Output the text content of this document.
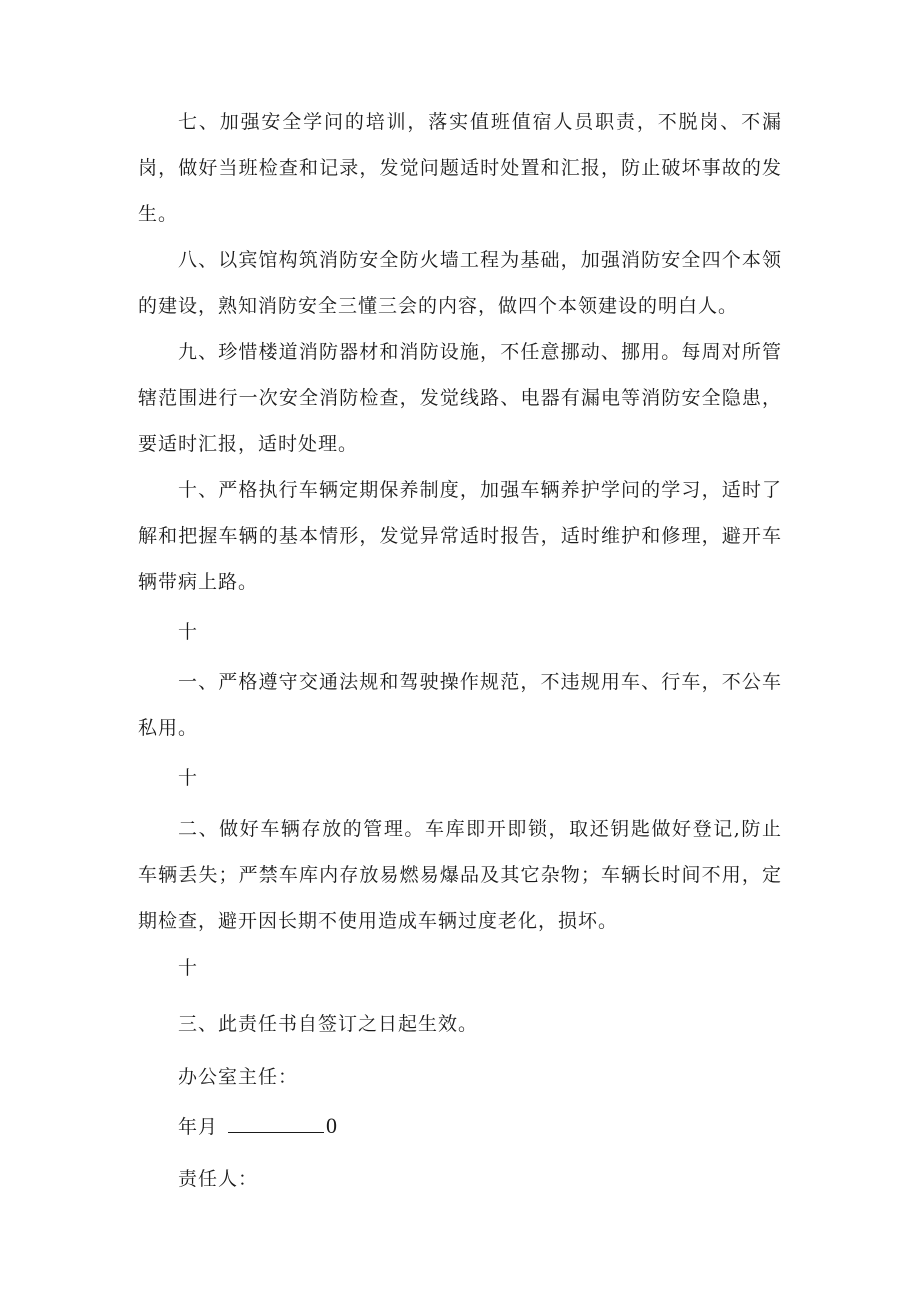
七、加强安全学问的培训，落实值班值宿人员职责，不脱岗、不漏岗，做好当班检查和记录，发觉问题适时处置和汇报，防止破坏事故的发生。

八、以宾馆构筑消防安全防火墙工程为基础，加强消防安全四个本领的建设，熟知消防安全三懂三会的内容，做四个本领建设的明白人。

九、珍惜楼道消防器材和消防设施，不任意挪动、挪用。每周对所管辖范围进行一次安全消防检查，发觉线路、电器有漏电等消防安全隐患，要适时汇报，适时处理。

十、严格执行车辆定期保养制度，加强车辆养护学问的学习，适时了解和把握车辆的基本情形，发觉异常适时报告，适时维护和修理，避开车辆带病上路。

十

一、严格遵守交通法规和驾驶操作规范，不违规用车、行车，不公车私用。

十

二、做好车辆存放的管理。车库即开即锁，取还钥匙做好登记,防止车辆丢失；严禁车库内存放易燃易爆品及其它杂物；车辆长时间不用，定期检查，避开因长期不使用造成车辆过度老化，损坏。

十

三、此责任书自签订之日起生效。

办公室主任：

年月	0

责任人：
